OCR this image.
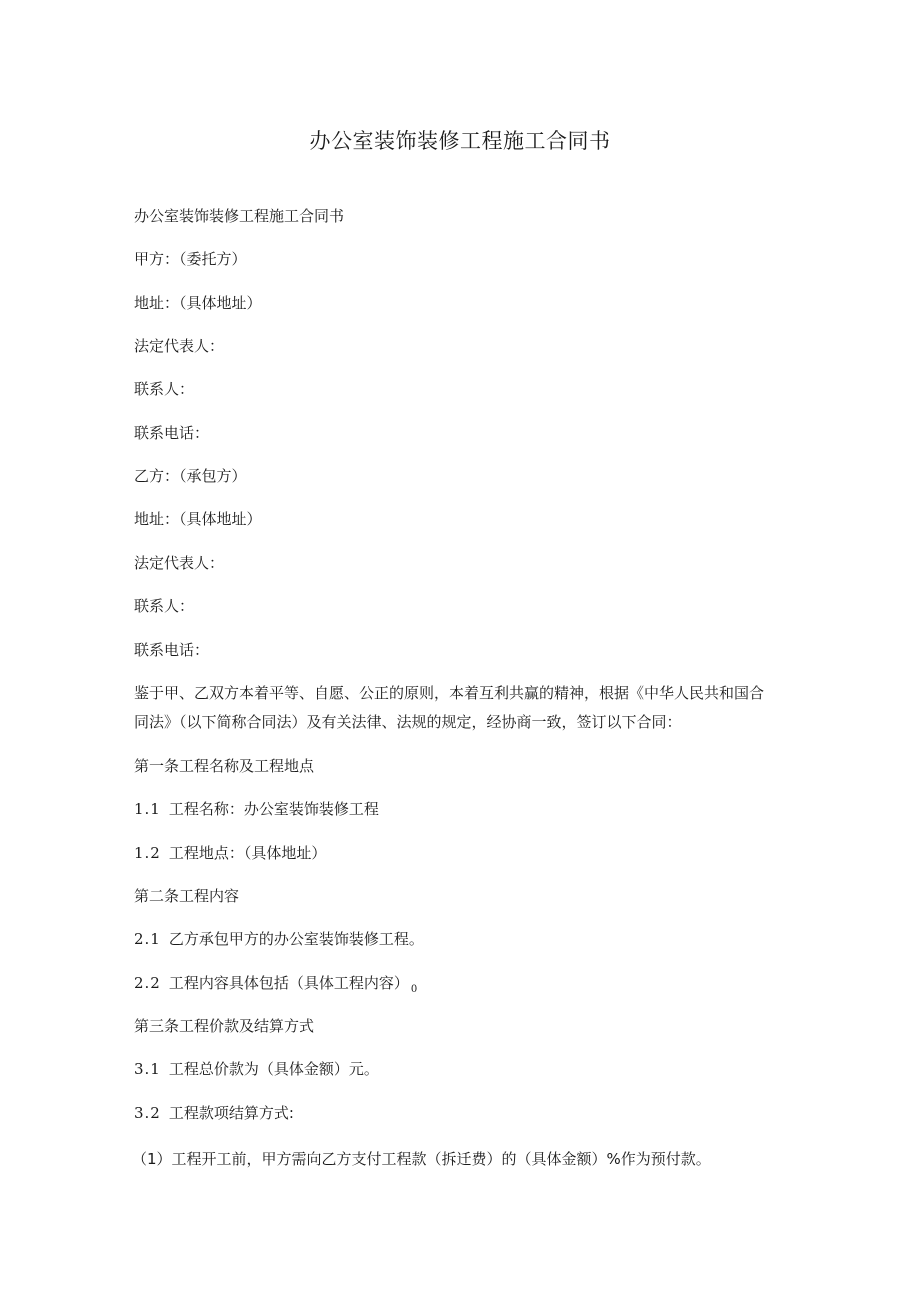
办公室装饰装修工程施工合同书
办公室装饰装修工程施工合同书
甲方：（委托方）
地址：（具体地址）
法定代表人：
联系人：
联系电话：
乙方：（承包方）
地址：（具体地址）
法定代表人：
联系人：
联系电话：
鉴于甲、乙双方本着平等、自愿、公正的原则，本着互利共赢的精神，根据《中华人民共和国合
同法》（以下简称合同法）及有关法律、法规的规定，经协商一致，签订以下合同：
第一条工程名称及工程地点
1.1 工程名称：办公室装饰装修工程
1.2 工程地点：（具体地址）
第二条工程内容
2.1 乙方承包甲方的办公室装饰装修工程。
2.2 工程内容具体包括（具体工程内容） $_0$
第三条工程价款及结算方式
3.1 工程总价款为（具体金额）元。
3.2 工程款项结算方式:
（1）工程开工前，甲方需向乙方支付工程款（拆迁费）的（具体金额）%作为预付款。
